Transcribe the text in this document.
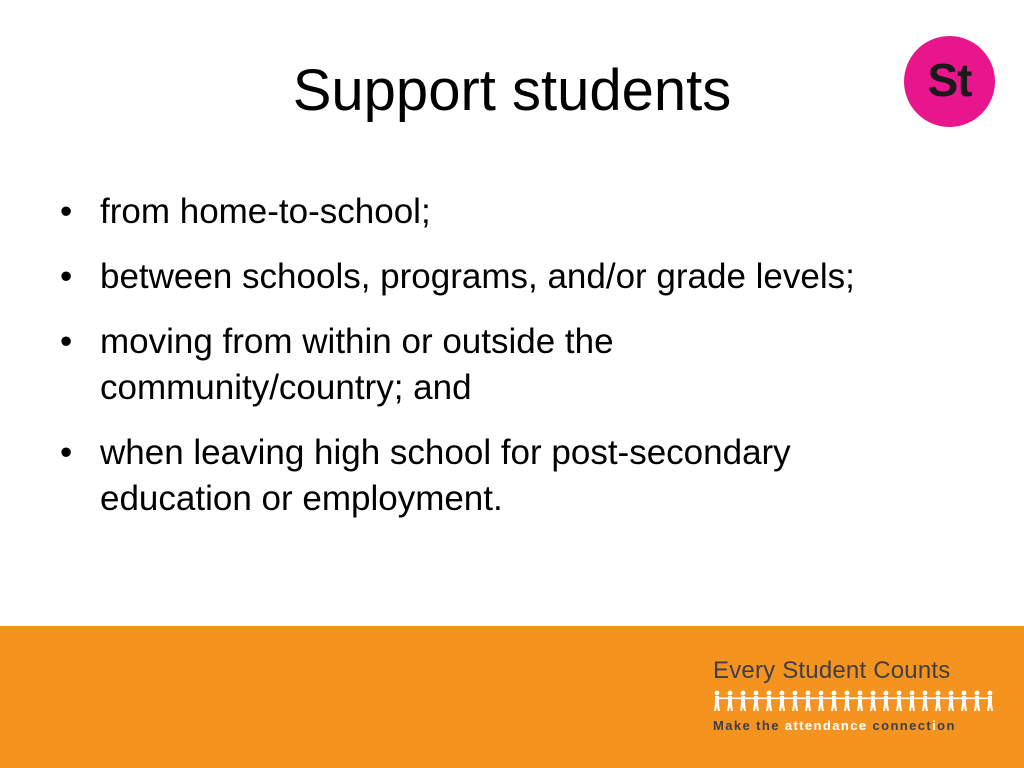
Support students	St
• from home-to-school;
• between schools, programs, and/or grade levels;
• moving from within or outside the community/country; and
• when leaving high school for post-secondary education or employment.
Every Student Counts
Make the attendance connection
